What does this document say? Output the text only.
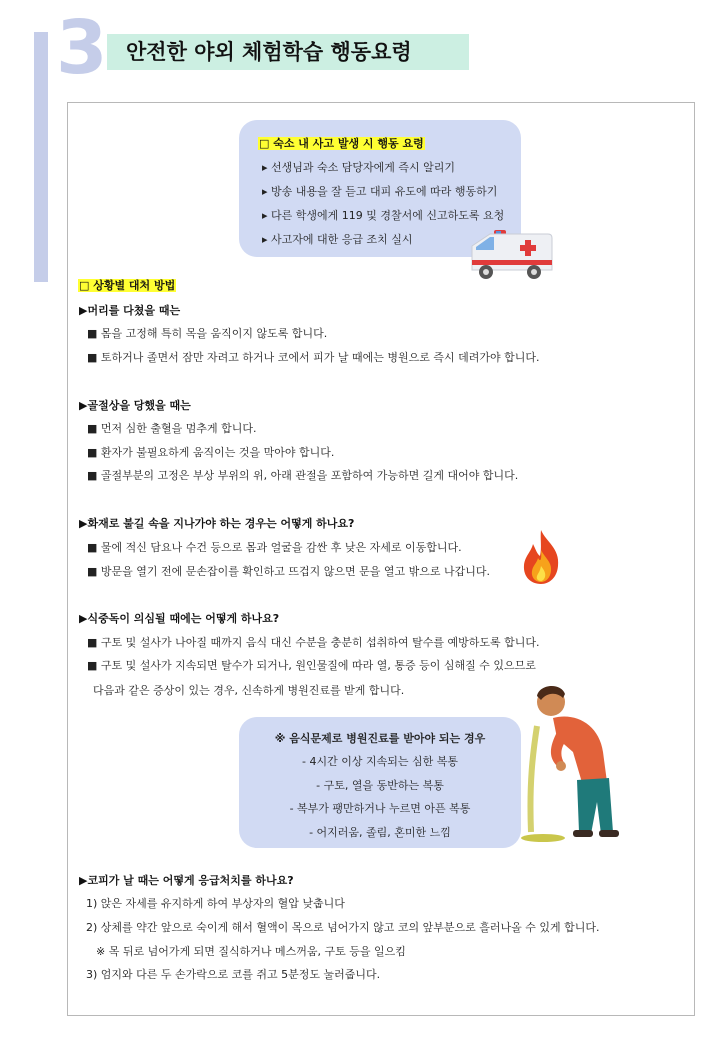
3 안전한 야외 체험학습 행동요령
□ 숙소 내 사고 발생 시 행동 요령
▸ 선생님과 숙소 담당자에게 즉시 알리기
▸ 방송 내용을 잘 듣고 대피 유도에 따라 행동하기
▸ 다른 학생에게 119 및 경찰서에 신고하도록 요청
▸ 사고자에 대한 응급 조치 실시
□ 상황별 대처 방법
▶머리를 다쳤을 때는
■ 몸을 고정해 특히 목을 움직이지 않도록 합니다.
■ 토하거나 졸면서 잠만 자려고 하거나 코에서 피가 날 때에는 병원으로 즉시 데려가야 합니다.
▶골절상을 당했을 때는
■ 먼저 심한 출혈을 멈추게 합니다.
■ 환자가 불필요하게 움직이는 것을 막아야 합니다.
■ 골절부분의 고정은 부상 부위의 위, 아래 관절을 포함하여 가능하면 길게 대어야 합니다.
▶화재로 불길 속을 지나가야 하는 경우는 어떻게 하나요?
■ 물에 적신 담요나 수건 등으로 몸과 얼굴을 감싼 후 낮은 자세로 이동합니다.
■ 방문을 열기 전에 문손잡이를 확인하고 뜨겁지 않으면 문을 열고 밖으로 나갑니다.
▶식중독이 의심될 때에는 어떻게 하나요?
■ 구토 및 설사가 나아질 때까지 음식 대신 수분을 충분히 섭취하여 탈수를 예방하도록 합니다.
■ 구토 및 설사가 지속되면 탈수가 되거나, 원인물질에 따라 열, 통증 등이 심해질 수 있으므로
다음과 같은 증상이 있는 경우, 신속하게 병원진료를 받게 합니다.
※ 음식문제로 병원진료를 받아야 되는 경우
- 4시간 이상 지속되는 심한 복통
- 구토, 열을 동반하는 복통
- 복부가 팽만하거나 누르면 아픈 복통
- 어지러움, 졸림, 혼미한 느낌
▶코피가 날 때는 어떻게 응급처치를 하나요?
1) 앉은 자세를 유지하게 하여 부상자의 혈압 낮춥니다
2) 상체를 약간 앞으로 숙이게 해서 혈액이 목으로 넘어가지 않고 코의 앞부분으로 흘러나올 수 있게 합니다.
※ 목 뒤로 넘어가게 되면 질식하거나 메스꺼움, 구토 등을 일으킴
3) 엄지와 다른 두 손가락으로 코를 쥐고 5분정도 눌러줍니다.
